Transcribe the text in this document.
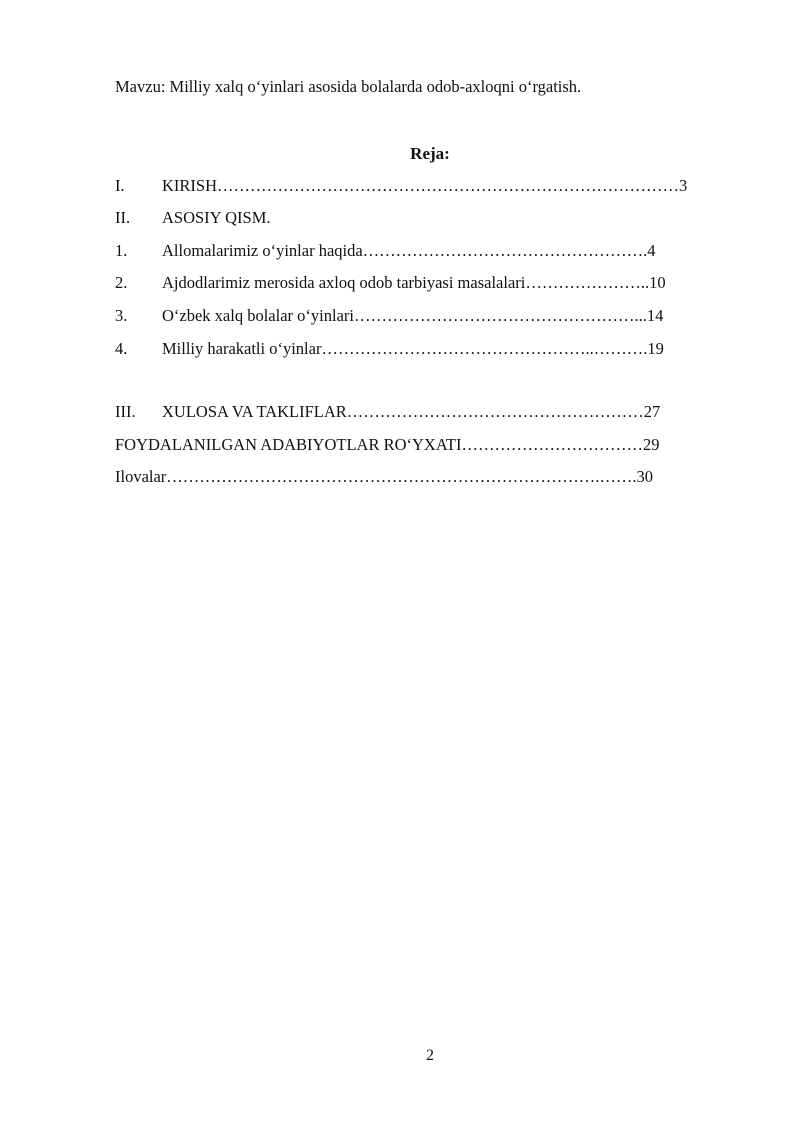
Mavzu: Milliy xalq o‘yinlari asosida bolalarda odob-axloqni o‘rgatish.
Reja:
I. KIRISH…………………………………………………………………………3
II. ASOSIY QISM.
1. Allomalarimiz o‘yinlar haqida…………………………………………….4
2. Ajdodlarimiz merosida axloq odob tarbiyasi masalalari…………………..10
3. O‘zbek xalq bolalar o‘yinlari……………………………………………...14
4. Milliy harakatli o‘yinlar…………………………………………..……….19
III. XULOSA VA TAKLIFLAR………………………………………………27
FOYDALANILGAN ADABIYOTLAR RO‘YXATI……………………………29
Ilovalar…………………………………………………………………….…….30
2
